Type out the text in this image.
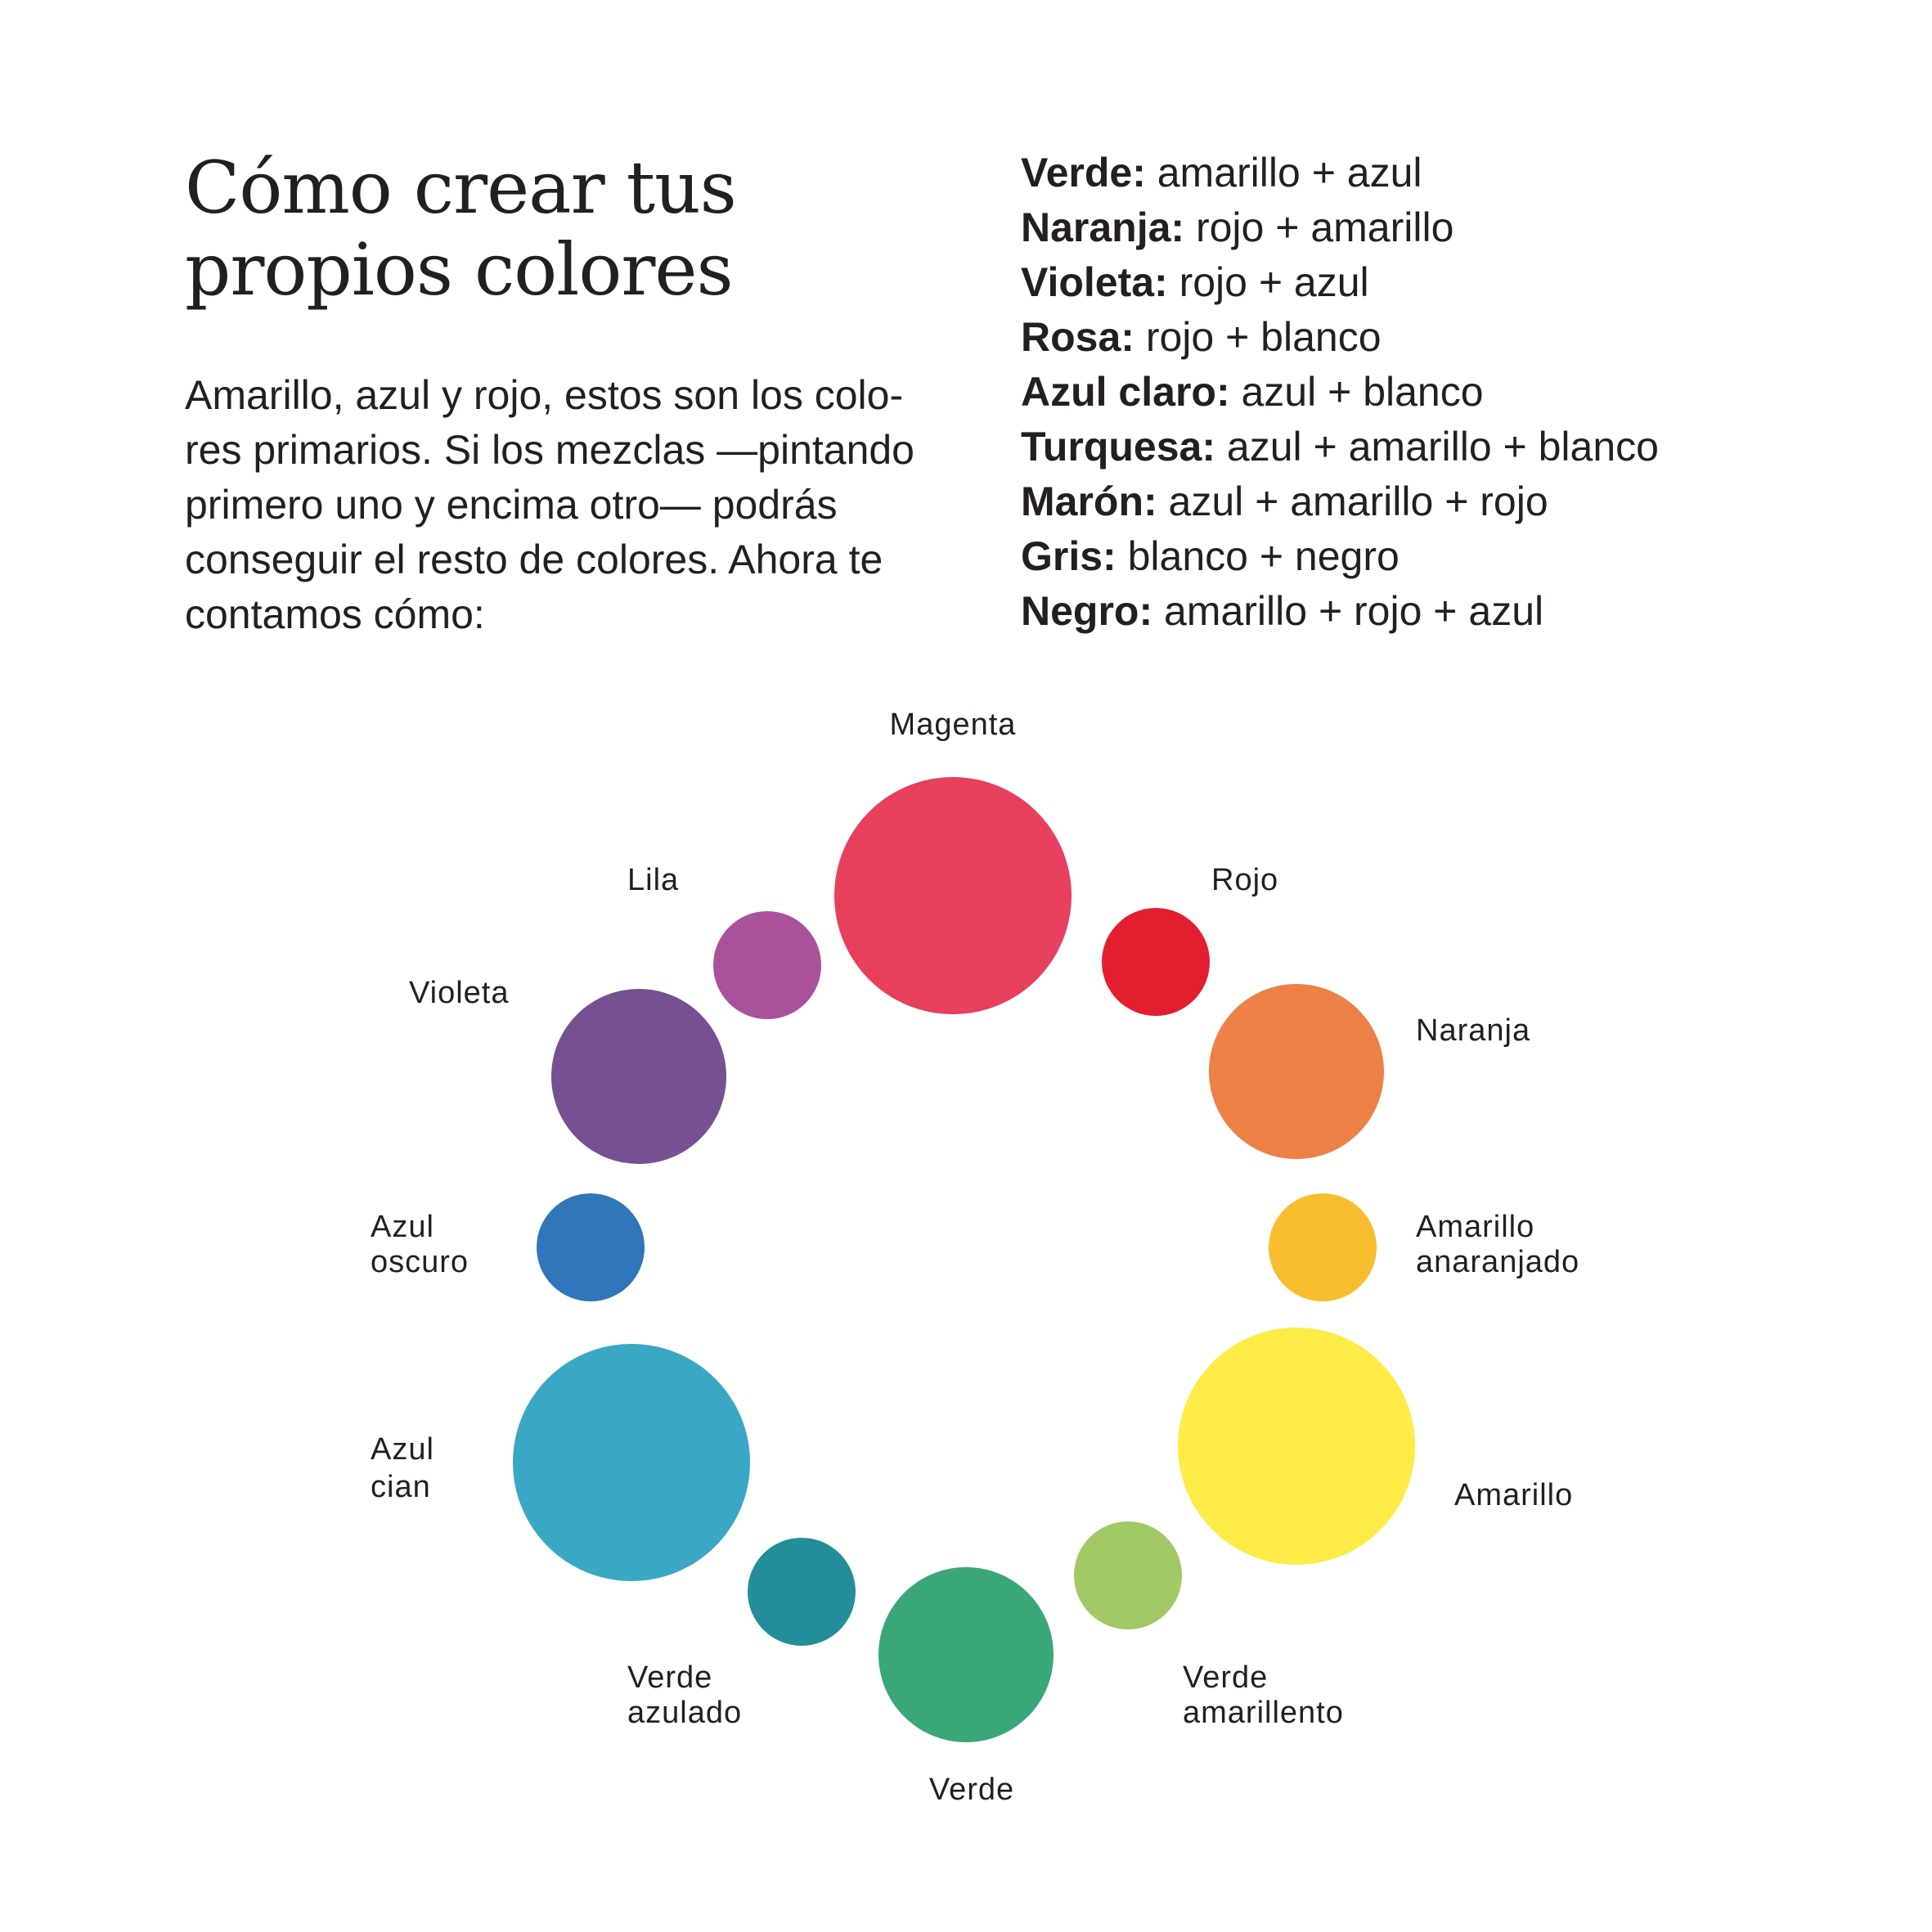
Cómo crear tus
propios colores

Amarillo, azul y rojo, estos son los colo-
res primarios. Si los mezclas —pintando
primero uno y encima otro— podrás
conseguir el resto de colores. Ahora te
contamos cómo:

Verde: amarillo + azul
Naranja: rojo + amarillo
Violeta: rojo + azul
Rosa: rojo + blanco
Azul claro: azul + blanco
Turquesa: azul + amarillo + blanco
Marón: azul + amarillo + rojo
Gris: blanco + negro
Negro: amarillo + rojo + azul
Magenta
Rojo
Naranja
Amarillo anaranjado
Amarillo
Verde amarillento
Verde
Verde azulado
Azul cian
Azul oscuro
Violeta
Lila
